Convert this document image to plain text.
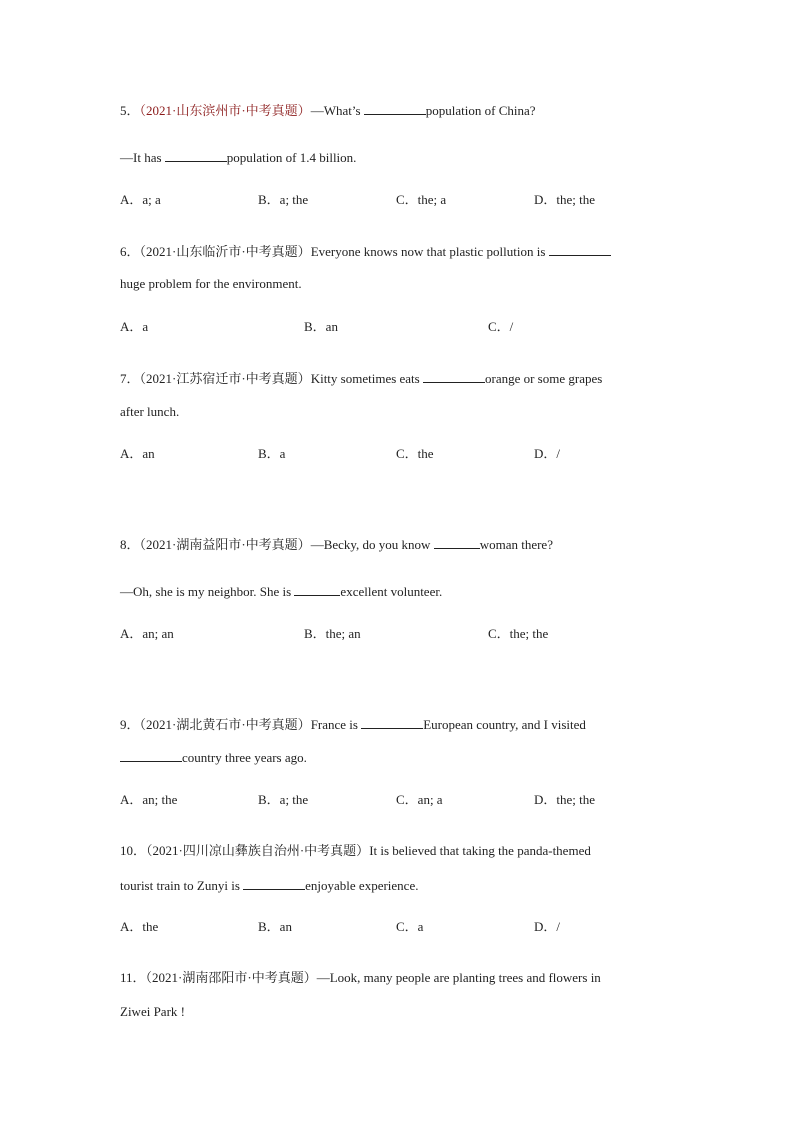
5．（2021·山东滨州市·中考真题）—What’s	population of China?
—It has	population of 1.4 billion.
A．a; a	B．a; the	C．the; a	D．the; the
6．（2021·山东临沂市·中考真题）Everyone knows now that plastic pollution is
huge problem for the environment.
A．a	B．an	C．/
7．（2021·江苏宿迁市·中考真题）Kitty sometimes eats	orange or some grapes
after lunch.
A．an	B．a	C．the	D．/
8．（2021·湖南益阳市·中考真题）—Becky, do you know	woman there?
—Oh, she is my neighbor. She is	excellent volunteer.
A．an; an	B．the; an	C．the; the
9．（2021·湖北黄石市·中考真题）France is	European country, and I visited
country three years ago.
A．an; the	B．a; the	C．an; a	D．the; the
10．（2021·四川凉山彝族自治州·中考真题）It is believed that taking the panda-themed
tourist train to Zunyi is	enjoyable experience.
A．the	B．an	C．a	D．/
11．（2021·湖南邵阳市·中考真题）—Look, many people are planting trees and flowers in
Ziwei Park !
